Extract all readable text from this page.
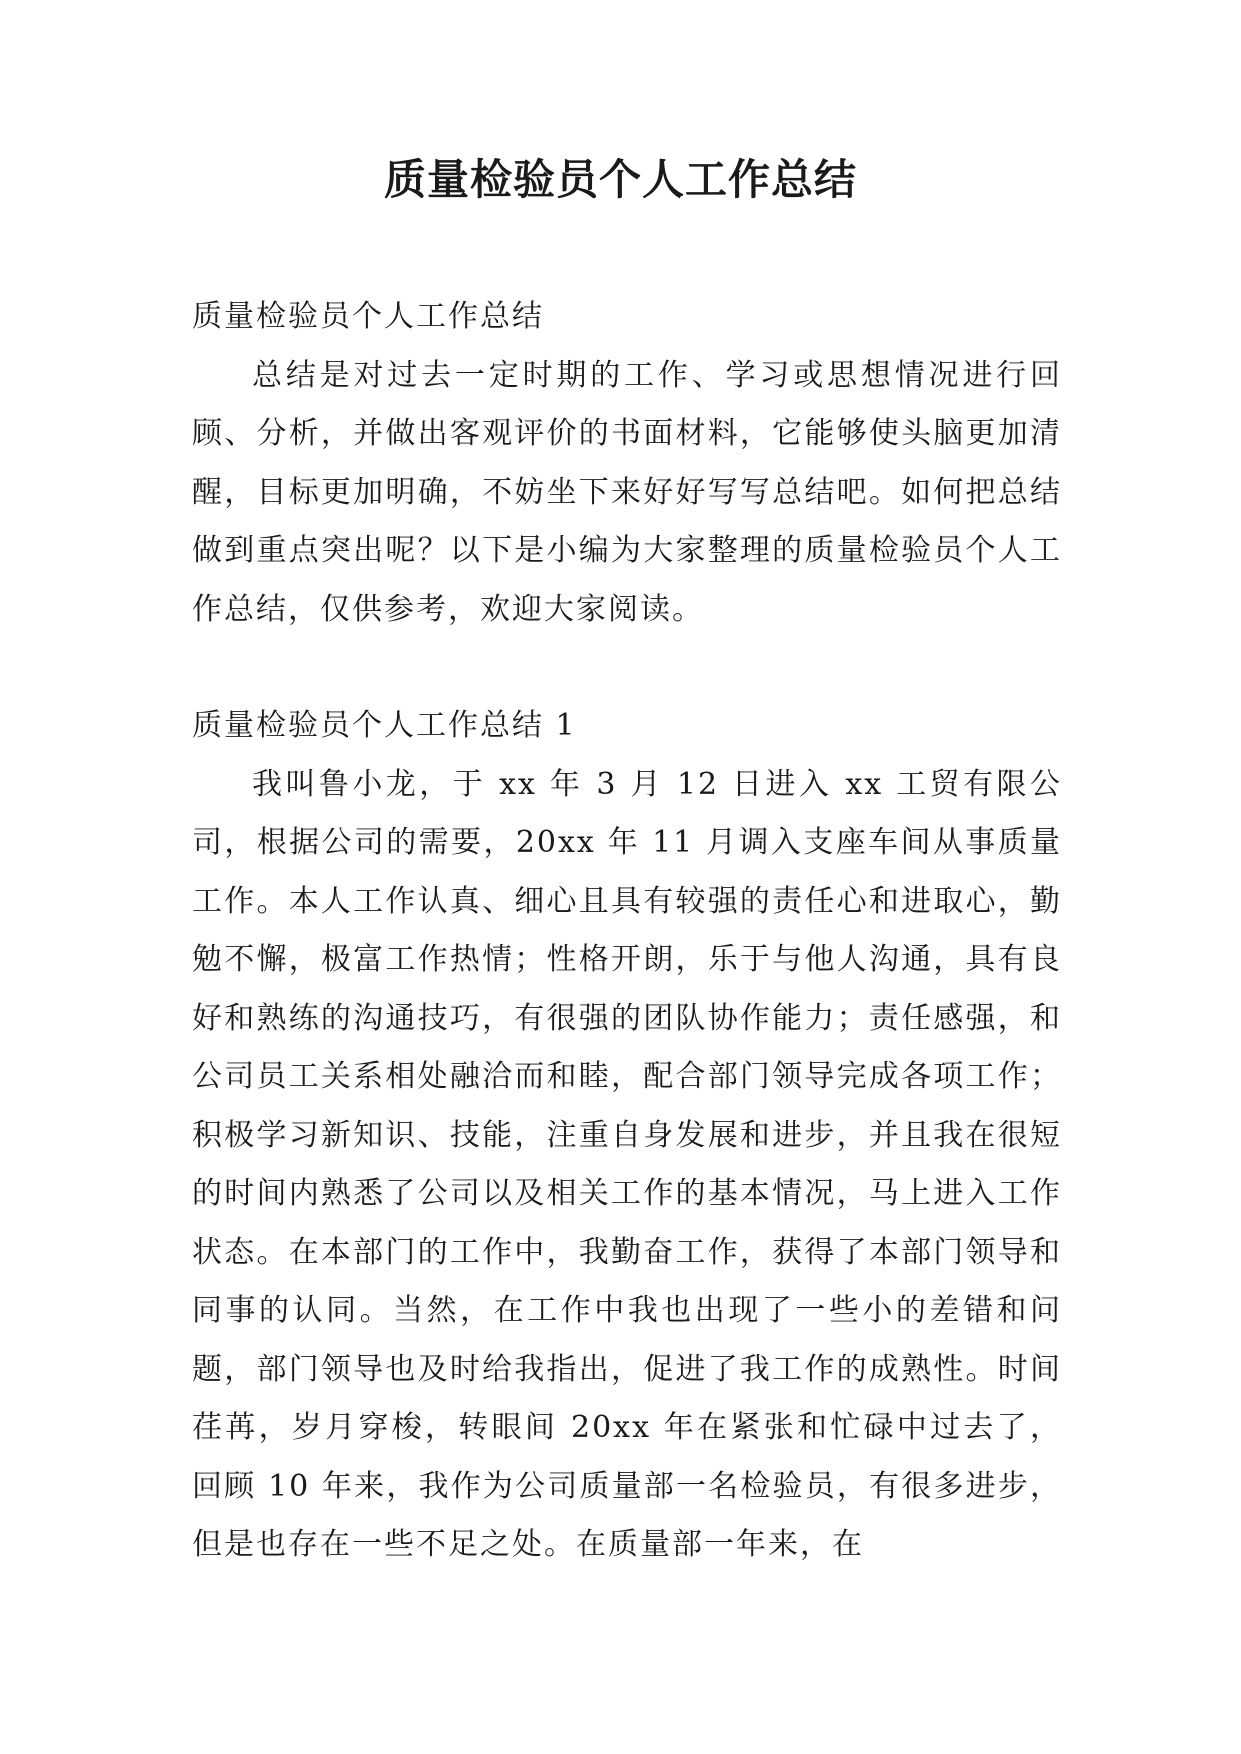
质量检验员个人工作总结

质量检验员个人工作总结

总结是对过去一定时期的工作、学习或思想情况进行回顾、分析，并做出客观评价的书面材料，它能够使头脑更加清醒，目标更加明确，不妨坐下来好好写写总结吧。如何把总结做到重点突出呢？以下是小编为大家整理的质量检验员个人工作总结，仅供参考，欢迎大家阅读。

质量检验员个人工作总结 1

我叫鲁小龙，于 xx 年 3 月 12 日进入 xx 工贸有限公司，根据公司的需要，20xx 年 11 月调入支座车间从事质量工作。本人工作认真、细心且具有较强的责任心和进取心，勤勉不懈，极富工作热情；性格开朗，乐于与他人沟通，具有良好和熟练的沟通技巧，有很强的团队协作能力；责任感强，和公司员工关系相处融洽而和睦，配合部门领导完成各项工作；积极学习新知识、技能，注重自身发展和进步，并且我在很短的时间内熟悉了公司以及相关工作的基本情况，马上进入工作状态。在本部门的工作中，我勤奋工作，获得了本部门领导和同事的认同。当然，在工作中我也出现了一些小的差错和问题，部门领导也及时给我指出，促进了我工作的成熟性。时间荏苒，岁月穿梭，转眼间 20xx 年在紧张和忙碌中过去了，回顾 10 年来，我作为公司质量部一名检验员，有很多进步，但是也存在一些不足之处。在质量部一年来，在
